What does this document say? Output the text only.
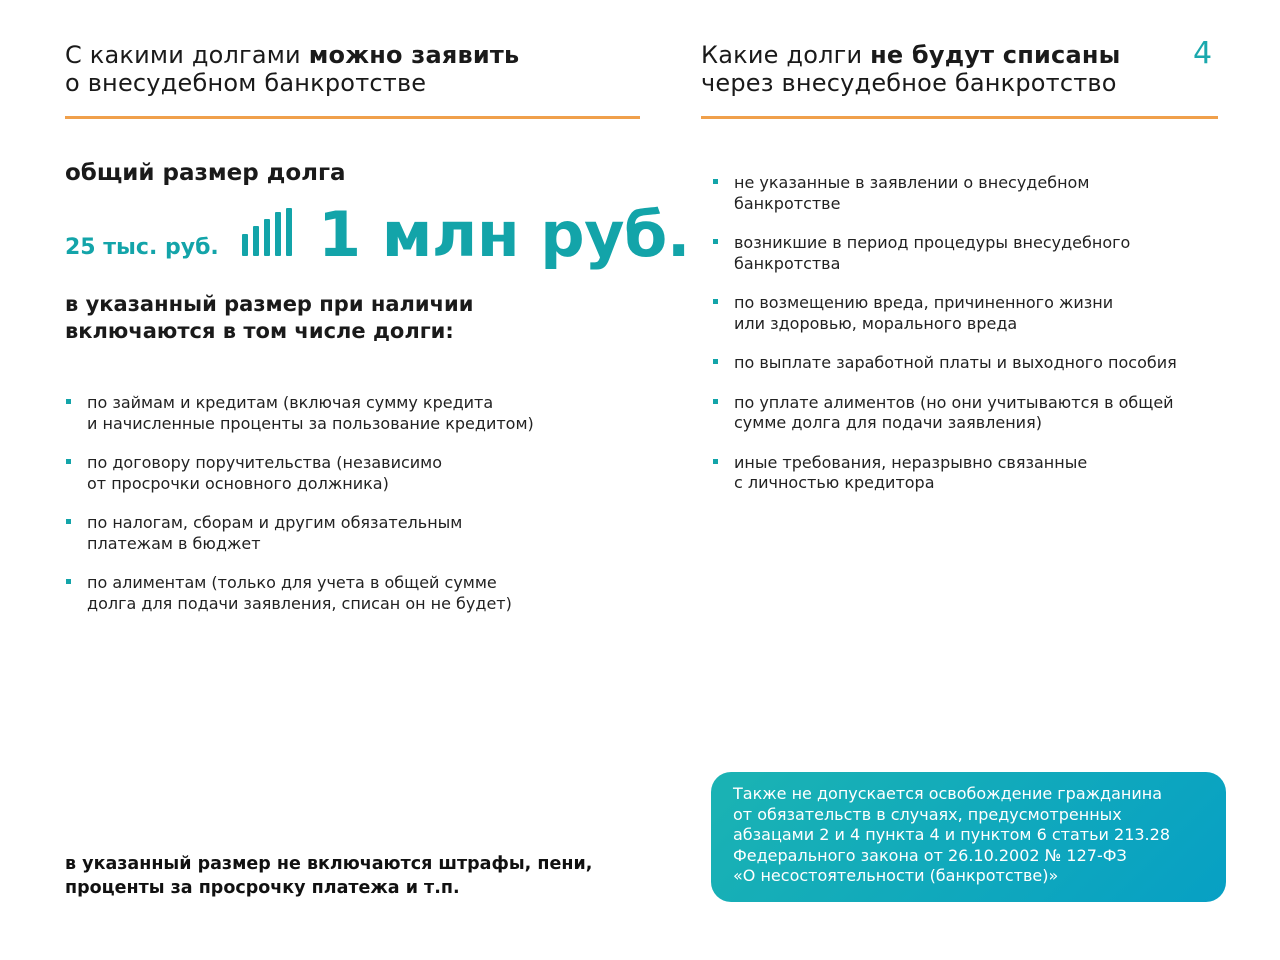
С какими долгами можно заявить
о внесудебном банкротстве
общий размер долга
25 тыс. руб. 1 млн руб.
в указанный размер при наличии
включаются в том числе долги:
по займам и кредитам (включая сумму кредита
и начисленные проценты за пользование кредитом)
по договору поручительства (независимо
от просрочки основного должника)
по налогам, сборам и другим обязательным
платежам в бюджет
по алиментам (только для учета в общей сумме
долга для подачи заявления, списан он не будет)
в указанный размер не включаются штрафы, пени,
проценты за просрочку платежа и т.п.
Какие долги не будут списаны
через внесудебное банкротство
4
не указанные в заявлении о внесудебном
банкротстве
возникшие в период процедуры внесудебного
банкротства
по возмещению вреда, причиненного жизни
или здоровью, морального вреда
по выплате заработной платы и выходного пособия
по уплате алиментов (но они учитываются в общей
сумме долга для подачи заявления)
иные требования, неразрывно связанные
с личностью кредитора
Также не допускается освобождение гражданина
от обязательств в случаях, предусмотренных
абзацами 2 и 4 пункта 4 и пунктом 6 статьи 213.28
Федерального закона от 26.10.2002 № 127-ФЗ
«О несостоятельности (банкротстве)»
